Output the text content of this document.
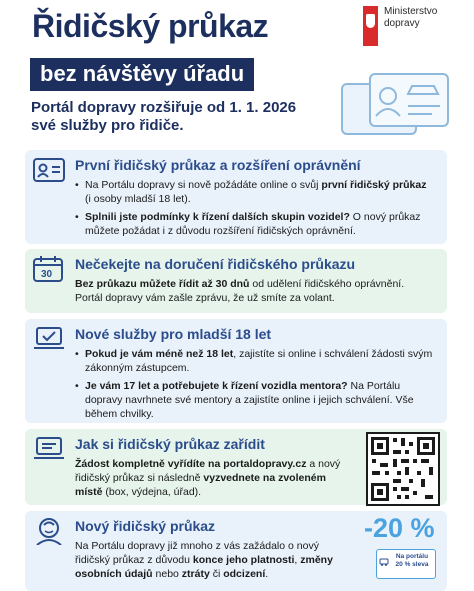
Řidičský průkaz
bez návštěvy úřadu
Ministerstvo
dopravy
Portál dopravy rozšiřuje od 1. 1. 2026
své služby pro řidiče.
První řidičský průkaz a rozšíření oprávnění
• Na Portálu dopravy si nově požádáte online o svůj první řidičský průkaz (i osoby mladší 18 let).
• Splnili jste podmínky k řízení dalších skupin vozidel? O nový průkaz můžete požádat i z důvodu rozšíření řidičských oprávnění.
30
Nečekejte na doručení řidičského průkazu
Bez průkazu můžete řídit až 30 dnů od udělení řidičského oprávnění.
Portál dopravy vám zašle zprávu, že už smíte za volant.
Nové služby pro mladší 18 let
• Pokud je vám méně než 18 let, zajistíte si online i schválení žádosti svým zákonným zástupcem.
• Je vám 17 let a potřebujete k řízení vozidla mentora? Na Portálu dopravy navrhnete své mentory a zajistíte online i jejich schválení. Vše během chvilky.
Jak si řidičský průkaz zařídit
Žádost kompletně vyřídíte na portaldopravy.cz a nový řidičský průkaz si následně vyzvednete na zvoleném místě (box, výdejna, úřad).
Nový řidičský průkaz
Na Portálu dopravy již mnoho z vás zažádalo o nový řidičský průkaz z důvodu konce jeho platnosti, změny osobních údajů nebo ztráty či odcizení.
-20 %
Na portálu
20 % sleva
